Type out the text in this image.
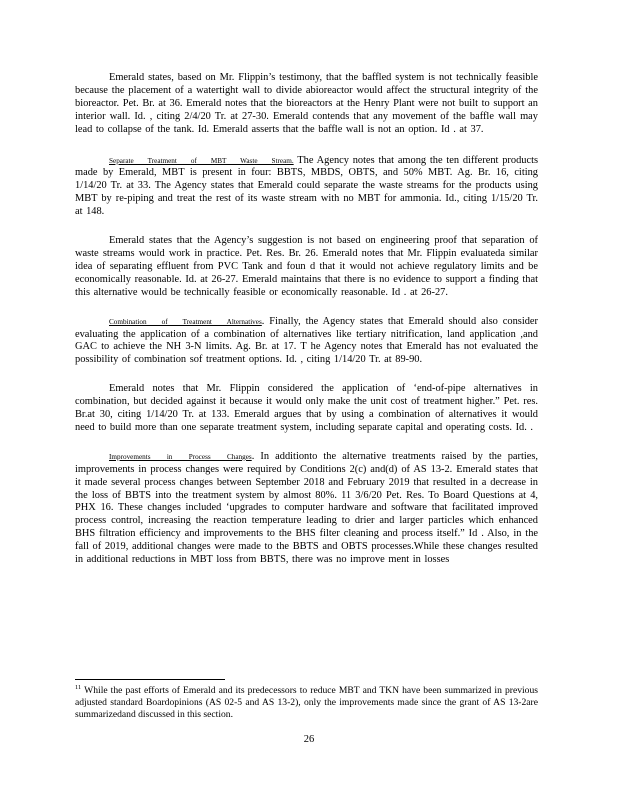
Emerald states, based on Mr. Flippin’s testimony, that the baffled system is not technically feasible because the placement of a watertight wall to divide abioreactor would affect the structural integrity of the bioreactor. Pet. Br. at 36. Emerald notes that the bioreactors at the Henry Plant were not built to support an interior wall. Id. , citing 2/4/20 Tr. at 27-30. Emerald contends that any movement of the baffle wall may lead to collapse of the tank. Id. Emerald asserts that the baffle wall is not an option. Id . at 37.

Separate Treatment of MBT Waste Stream. The Agency notes that among the ten different products made by Emerald, MBT is present in four: BBTS, MBDS, OBTS, and 50% MBT. Ag. Br. 16, citing 1/14/20 Tr. at 33. The Agency states that Emerald could separate the waste streams for the products using MBT by re-piping and treat the rest of its waste stream with no MBT for ammonia. Id., citing 1/15/20 Tr. at 148.

Emerald states that the Agency’s suggestion is not based on engineering proof that separation of waste streams would work in practice. Pet. Res. Br. 26. Emerald notes that Mr. Flippin evaluateda similar idea of separating effluent from PVC Tank and foun d that it would not achieve regulatory limits and be economically reasonable. Id. at 26-27. Emerald maintains that there is no evidence to support a finding that this alternative would be technically feasible or economically reasonable. Id . at 26-27.

Combination of Treatment Alternatives. Finally, the Agency states that Emerald should also consider evaluating the application of a combination of alternatives like tertiary nitrification, land application ,and GAC to achieve the NH 3-N limits. Ag. Br. at 17. T he Agency notes that Emerald has not evaluated the possibility of combination sof treatment options. Id. , citing 1/14/20 Tr. at 89-90.

Emerald notes that Mr. Flippin considered the application of ‘end-of-pipe alternatives in combination, but decided against it because it would only make the unit cost of treatment higher.” Pet. res. Br.at 30, citing 1/14/20 Tr. at 133. Emerald argues that by using a combination of alternatives it would need to build more than one separate treatment system, including separate capital and operating costs. Id. .

Improvements in Process Changes. In additionto the alternative treatments raised by the parties, improvements in process changes were required by Conditions 2(c) and(d) of AS 13-2. Emerald states that it made several process changes between September 2018 and February 2019 that resulted in a decrease in the loss of BBTS into the treatment system by almost 80%. 11 3/6/20 Pet. Res. To Board Questions at 4, PHX 16. These changes included ‘upgrades to computer hardware and software that facilitated improved process control, increasing the reaction temperature leading to drier and larger particles which enhanced BHS filtration efficiency and improvements to the BHS filter cleaning and process itself.” Id . Also, in the fall of 2019, additional changes were made to the BBTS and OBTS processes.While these changes resulted in additional reductions in MBT loss from BBTS, there was no improve ment in losses

$^{11}$ While the past efforts of Emerald and its predecessors to reduce MBT and TKN have been summarized in previous adjusted standard Boardopinions (AS 02-5 and AS 13-2), only the improvements made since the grant of AS 13-2are summarizedand discussed in this section.
26
